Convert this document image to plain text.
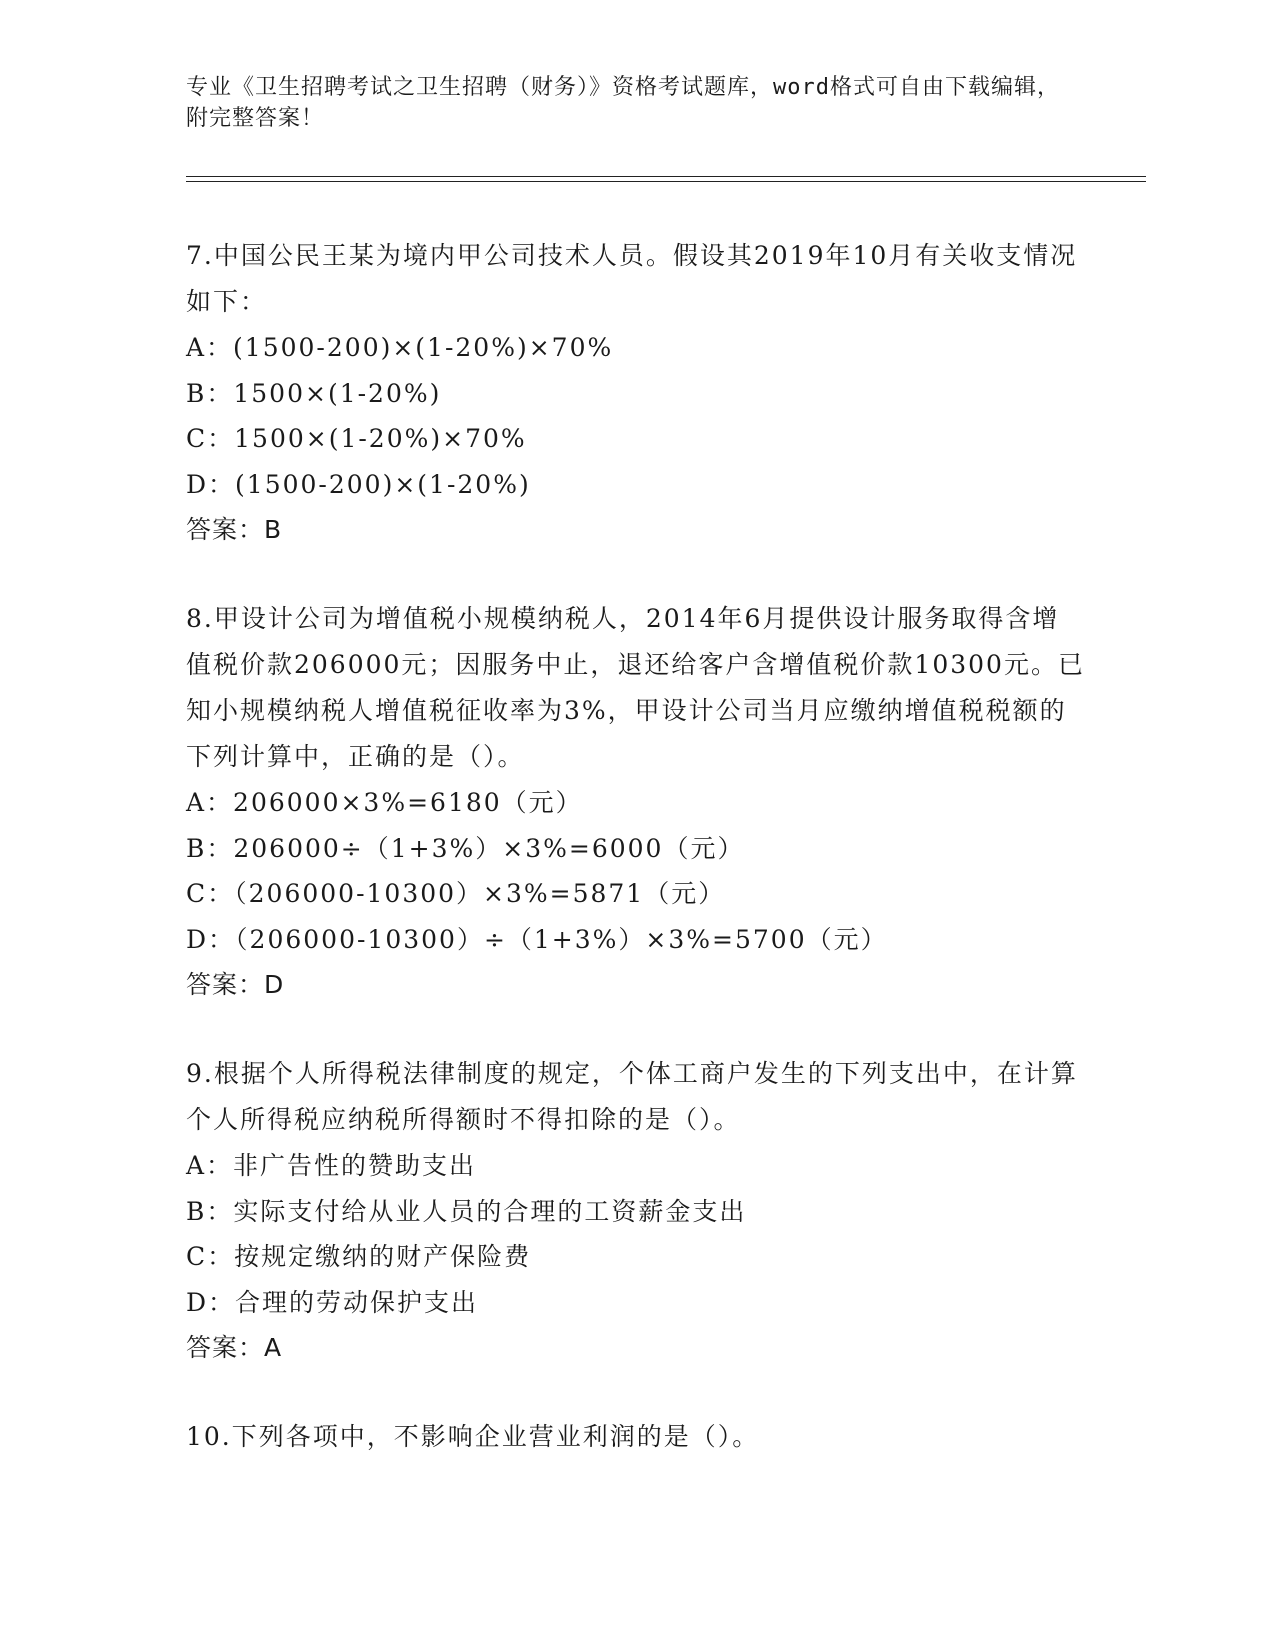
专业《卫生招聘考试之卫生招聘（财务）》资格考试题库，word格式可自由下载编辑，附完整答案！

7.中国公民王某为境内甲公司技术人员。假设其2019年10月有关收支情况如下：

A：(1500-200)×(1-20%)×70%

B：1500×(1-20%)

C：1500×(1-20%)×70%

D：(1500-200)×(1-20%)

答案：B

8.甲设计公司为增值税小规模纳税人，2014年6月提供设计服务取得含增值税价款206000元；因服务中止，退还给客户含增值税价款10300元。已知小规模纳税人增值税征收率为3%，甲设计公司当月应缴纳增值税税额的下列计算中，正确的是（）。

A：206000×3%=6180（元）

B：206000÷（1+3%）×3%=6000（元）

C：（206000-10300）×3%=5871（元）

D：（206000-10300）÷（1+3%）×3%=5700（元）

答案：D

9.根据个人所得税法律制度的规定，个体工商户发生的下列支出中，在计算个人所得税应纳税所得额时不得扣除的是（）。

A：非广告性的赞助支出

B：实际支付给从业人员的合理的工资薪金支出

C：按规定缴纳的财产保险费

D：合理的劳动保护支出

答案：A

10.下列各项中，不影响企业营业利润的是（）。
